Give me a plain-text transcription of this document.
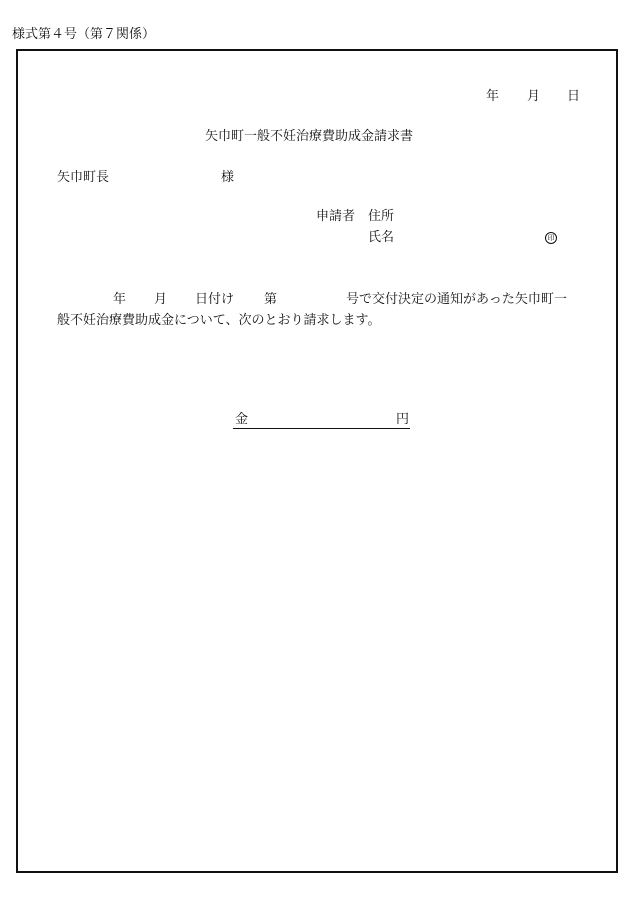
様式第４号（第７関係）
年 月 日
矢巾町一般不妊治療費助成金請求書
矢巾町長	様
申請者 住所
氏名	印
年 月 日付け 第	号で交付決定の通知があった矢巾町一
般不妊治療費助成金について、次のとおり請求します。
金	円
